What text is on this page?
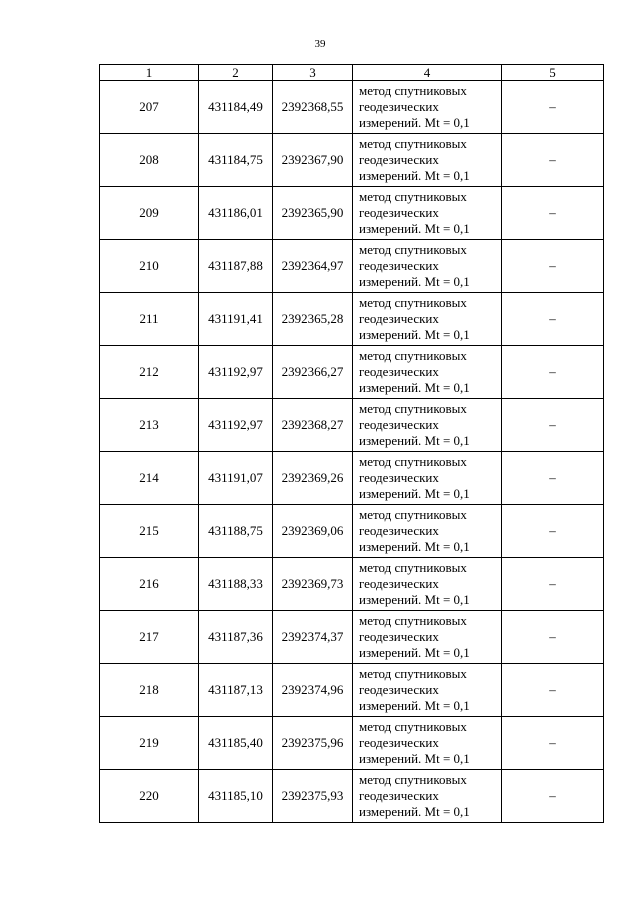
39
1	2	3	4	5
207	431184,49	2392368,55	метод спутниковых геодезических измерений. Mt = 0,1	–
208	431184,75	2392367,90	метод спутниковых геодезических измерений. Mt = 0,1	–
209	431186,01	2392365,90	метод спутниковых геодезических измерений. Mt = 0,1	–
210	431187,88	2392364,97	метод спутниковых геодезических измерений. Mt = 0,1	–
211	431191,41	2392365,28	метод спутниковых геодезических измерений. Mt = 0,1	–
212	431192,97	2392366,27	метод спутниковых геодезических измерений. Mt = 0,1	–
213	431192,97	2392368,27	метод спутниковых геодезических измерений. Mt = 0,1	–
214	431191,07	2392369,26	метод спутниковых геодезических измерений. Mt = 0,1	–
215	431188,75	2392369,06	метод спутниковых геодезических измерений. Mt = 0,1	–
216	431188,33	2392369,73	метод спутниковых геодезических измерений. Mt = 0,1	–
217	431187,36	2392374,37	метод спутниковых геодезических измерений. Mt = 0,1	–
218	431187,13	2392374,96	метод спутниковых геодезических измерений. Mt = 0,1	–
219	431185,40	2392375,96	метод спутниковых геодезических измерений. Mt = 0,1	–
220	431185,10	2392375,93	метод спутниковых геодезических измерений. Mt = 0,1	–
